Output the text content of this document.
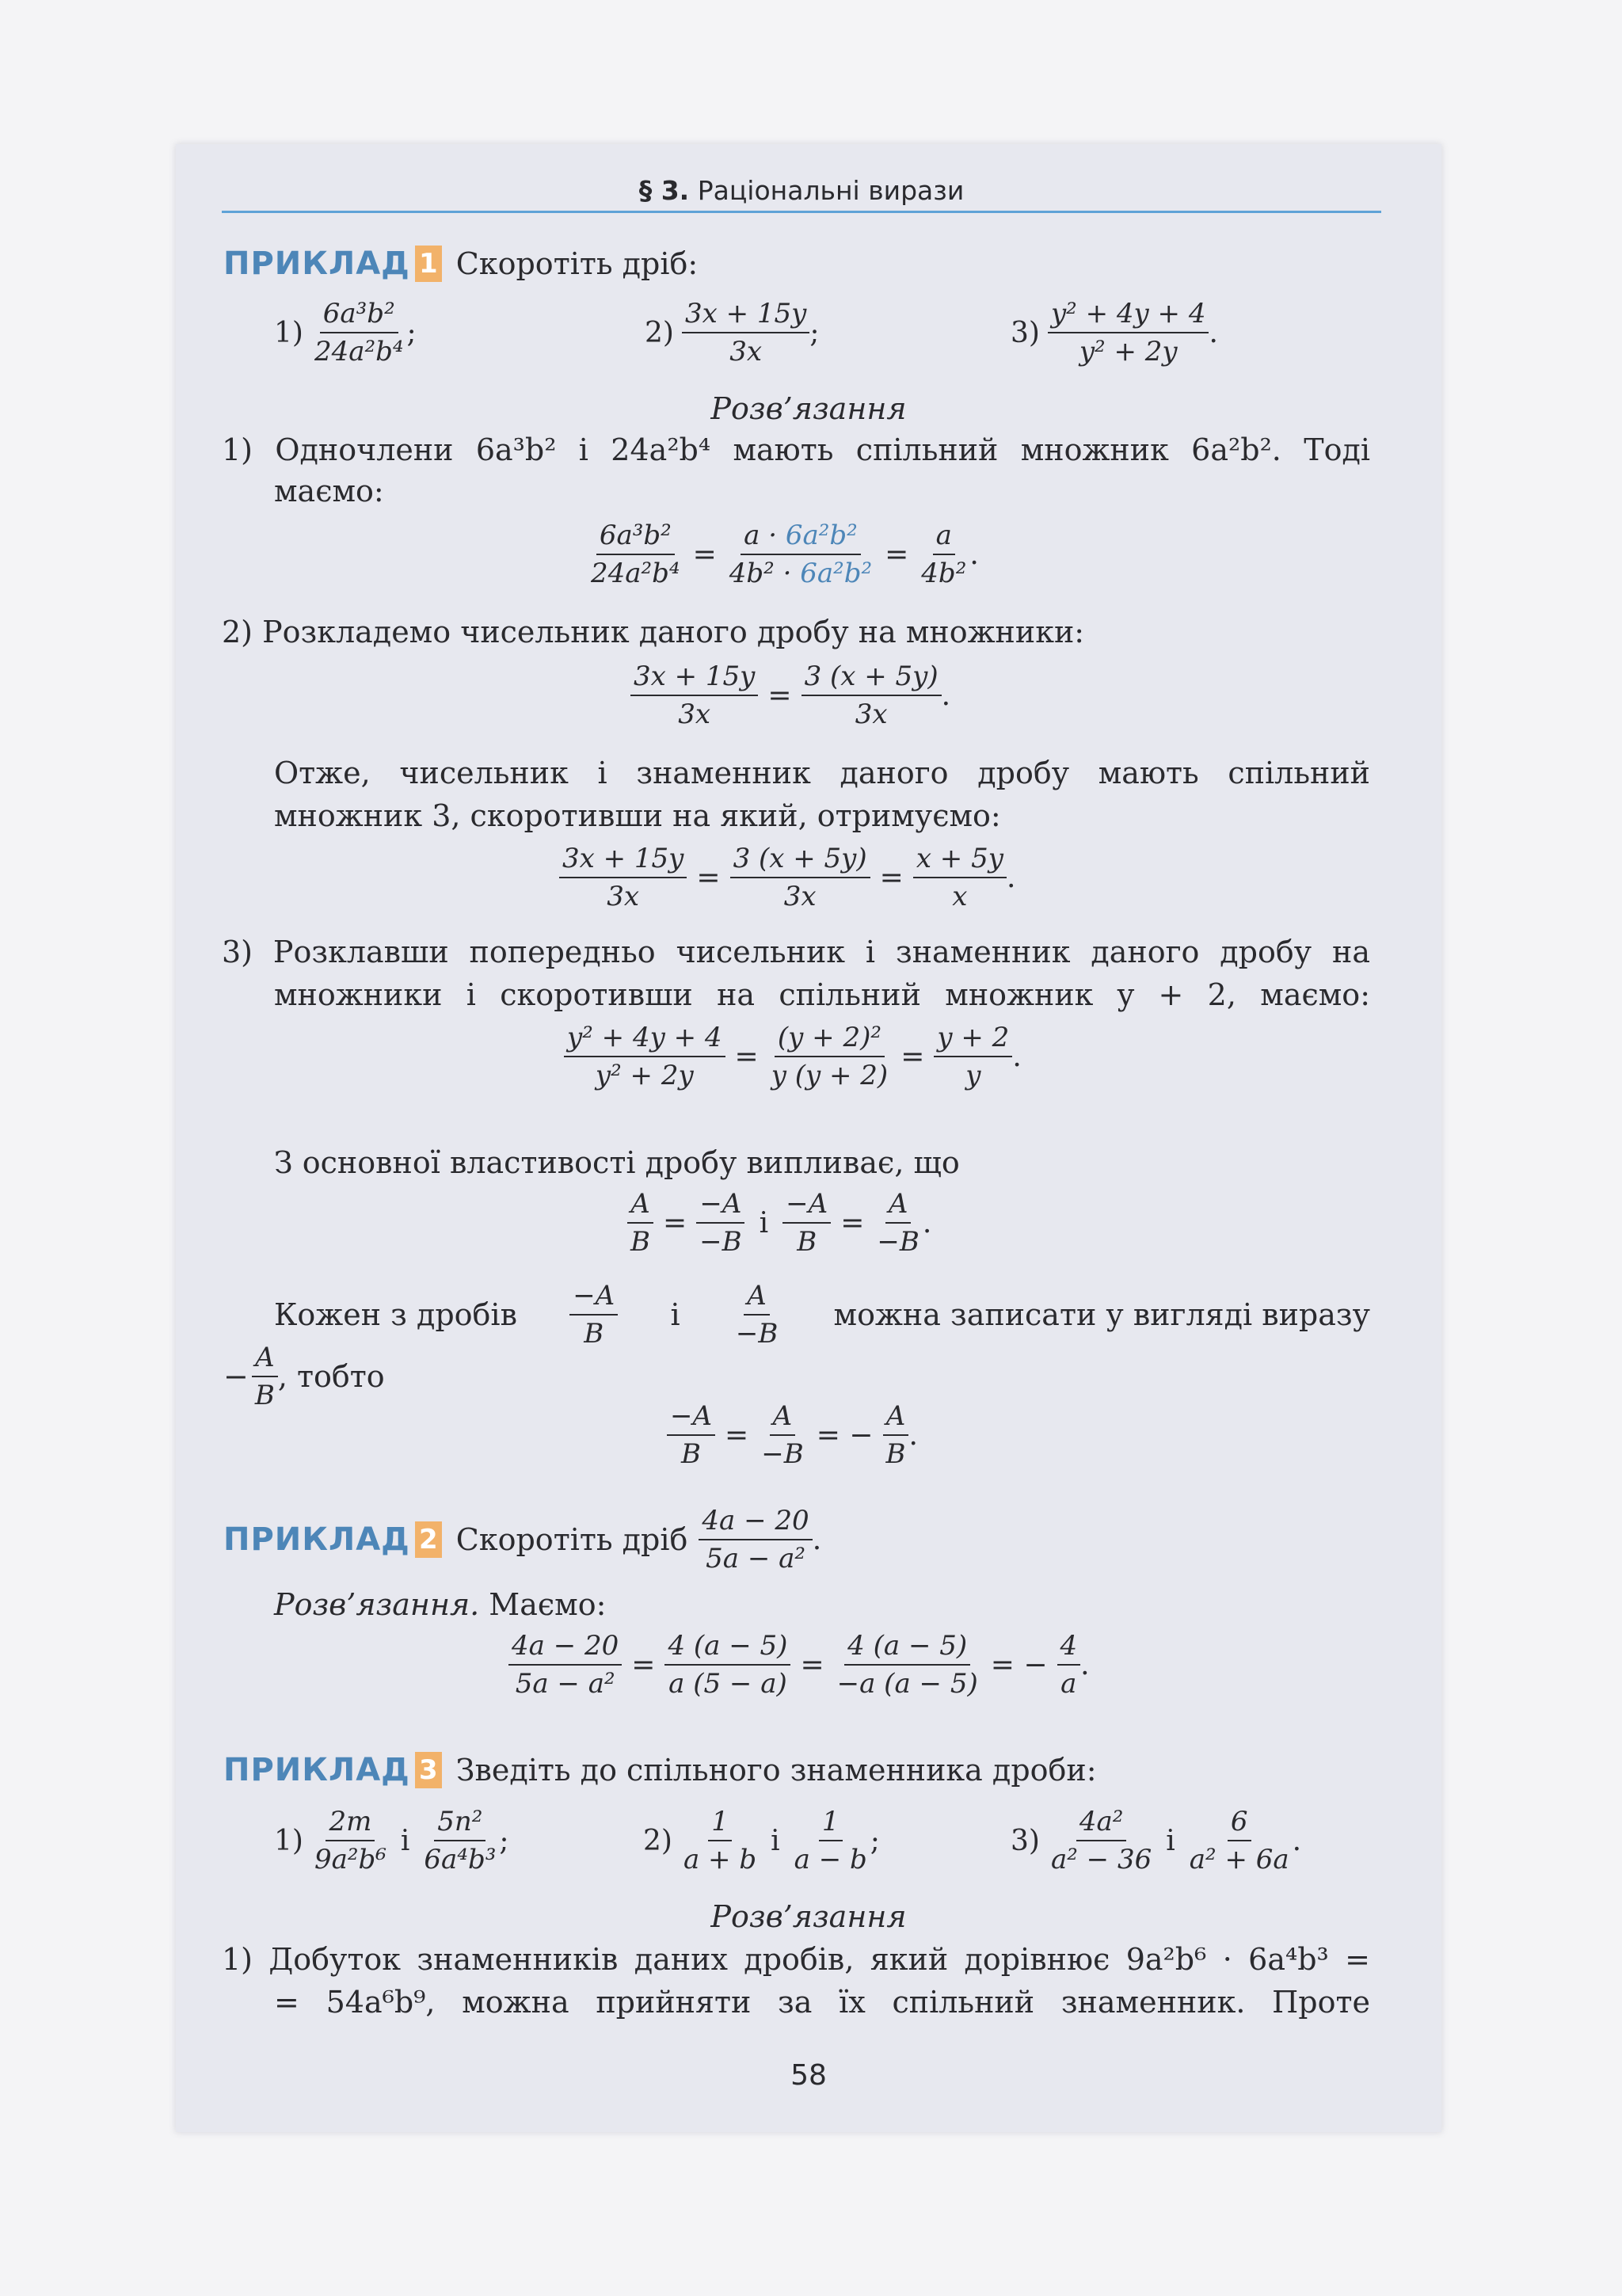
§ 3. Раціональні вирази
ПРИКЛАД 1 Скоротіть дріб:
$1) \frac{\text{6a³b²}}{\text{24a²b⁴}}$ ;	$2) \frac{3x + 15y}{3x}$ ;	$3) \frac{\text{y² + 4y + 4}}{\text{y² + 2y}}$ .
Розв’язання
1) Одночлени 6a³b² і 24a²b⁴ мають спільний множник 6a²b². Тоді
маємо:
$\frac{\text{6a³b²}}{\text{24a²b⁴}} = \frac{\text{a · 6a²b²}}{\text{4b² · 6a²b²}} = \frac{a}{\text{4b²}}$ .
2) Розкладемо чисельник даного дробу на множники:
$\frac{3x + 15y}{3x} = \frac{3 (x + 5y)}{3x}$ .
Отже, чисельник і знаменник даного дробу мають спільний
множник 3, скоротивши на який, отримуємо:
$\frac{3x + 15y}{3x} = \frac{3 (x + 5y)}{3x} = \frac{x + 5y}{x}$ .
3) Розклавши попередньо чисельник і знаменник даного дробу на
множники і скоротивши на спільний множник y + 2, маємо:
$\frac{\text{y² + 4y + 4}}{\text{y² + 2y}} = \frac{\text{(y + 2)²}}{y (y + 2)} = \frac{y + 2}{y}$ .
З основної властивості дробу випливає, що
$\frac{A}{B} = \frac{-A}{-B}$ і $\frac{-A}{B} = \frac{A}{-B}$ .
Кожен з дробів $\frac{-A}{B}$ і $\frac{A}{-B}$ можна записати у вигляді виразу
− $\frac{A}{B}$ , тобто
$\frac{-A}{B} = \frac{A}{-B}$ = − $\frac{A}{B}$ .
ПРИКЛАД 2 Скоротіть дріб $\frac{4a - 20}{\text{5a − a²}}$ .
Розв’язання. Маємо:
$\frac{4a - 20}{\text{5a − a²}} = \frac{4 (a - 5)}{a (5 - a)} = \frac{4 (a - 5)}{-a (a - 5)}$ = − $\frac{4}{a}$ .
ПРИКЛАД 3 Зведіть до спільного знаменника дроби:
$1) \frac{2m}{\text{9a²b⁶}}$ і $\frac{\text{5n²}}{\text{6a⁴b³}}$ ;	$2) \frac{1}{a + b}$ і $\frac{1}{a - b}$ ;	$3) \frac{\text{4a²}}{\text{a² − 36}}$ і $\frac{6}{\text{a² + 6a}}$ .
Розв’язання
1) Добуток знаменників даних дробів, який дорівнює 9a²b⁶ · 6a⁴b³ =
= 54a⁶b⁹, можна прийняти за їх спільний знаменник. Проте
58
